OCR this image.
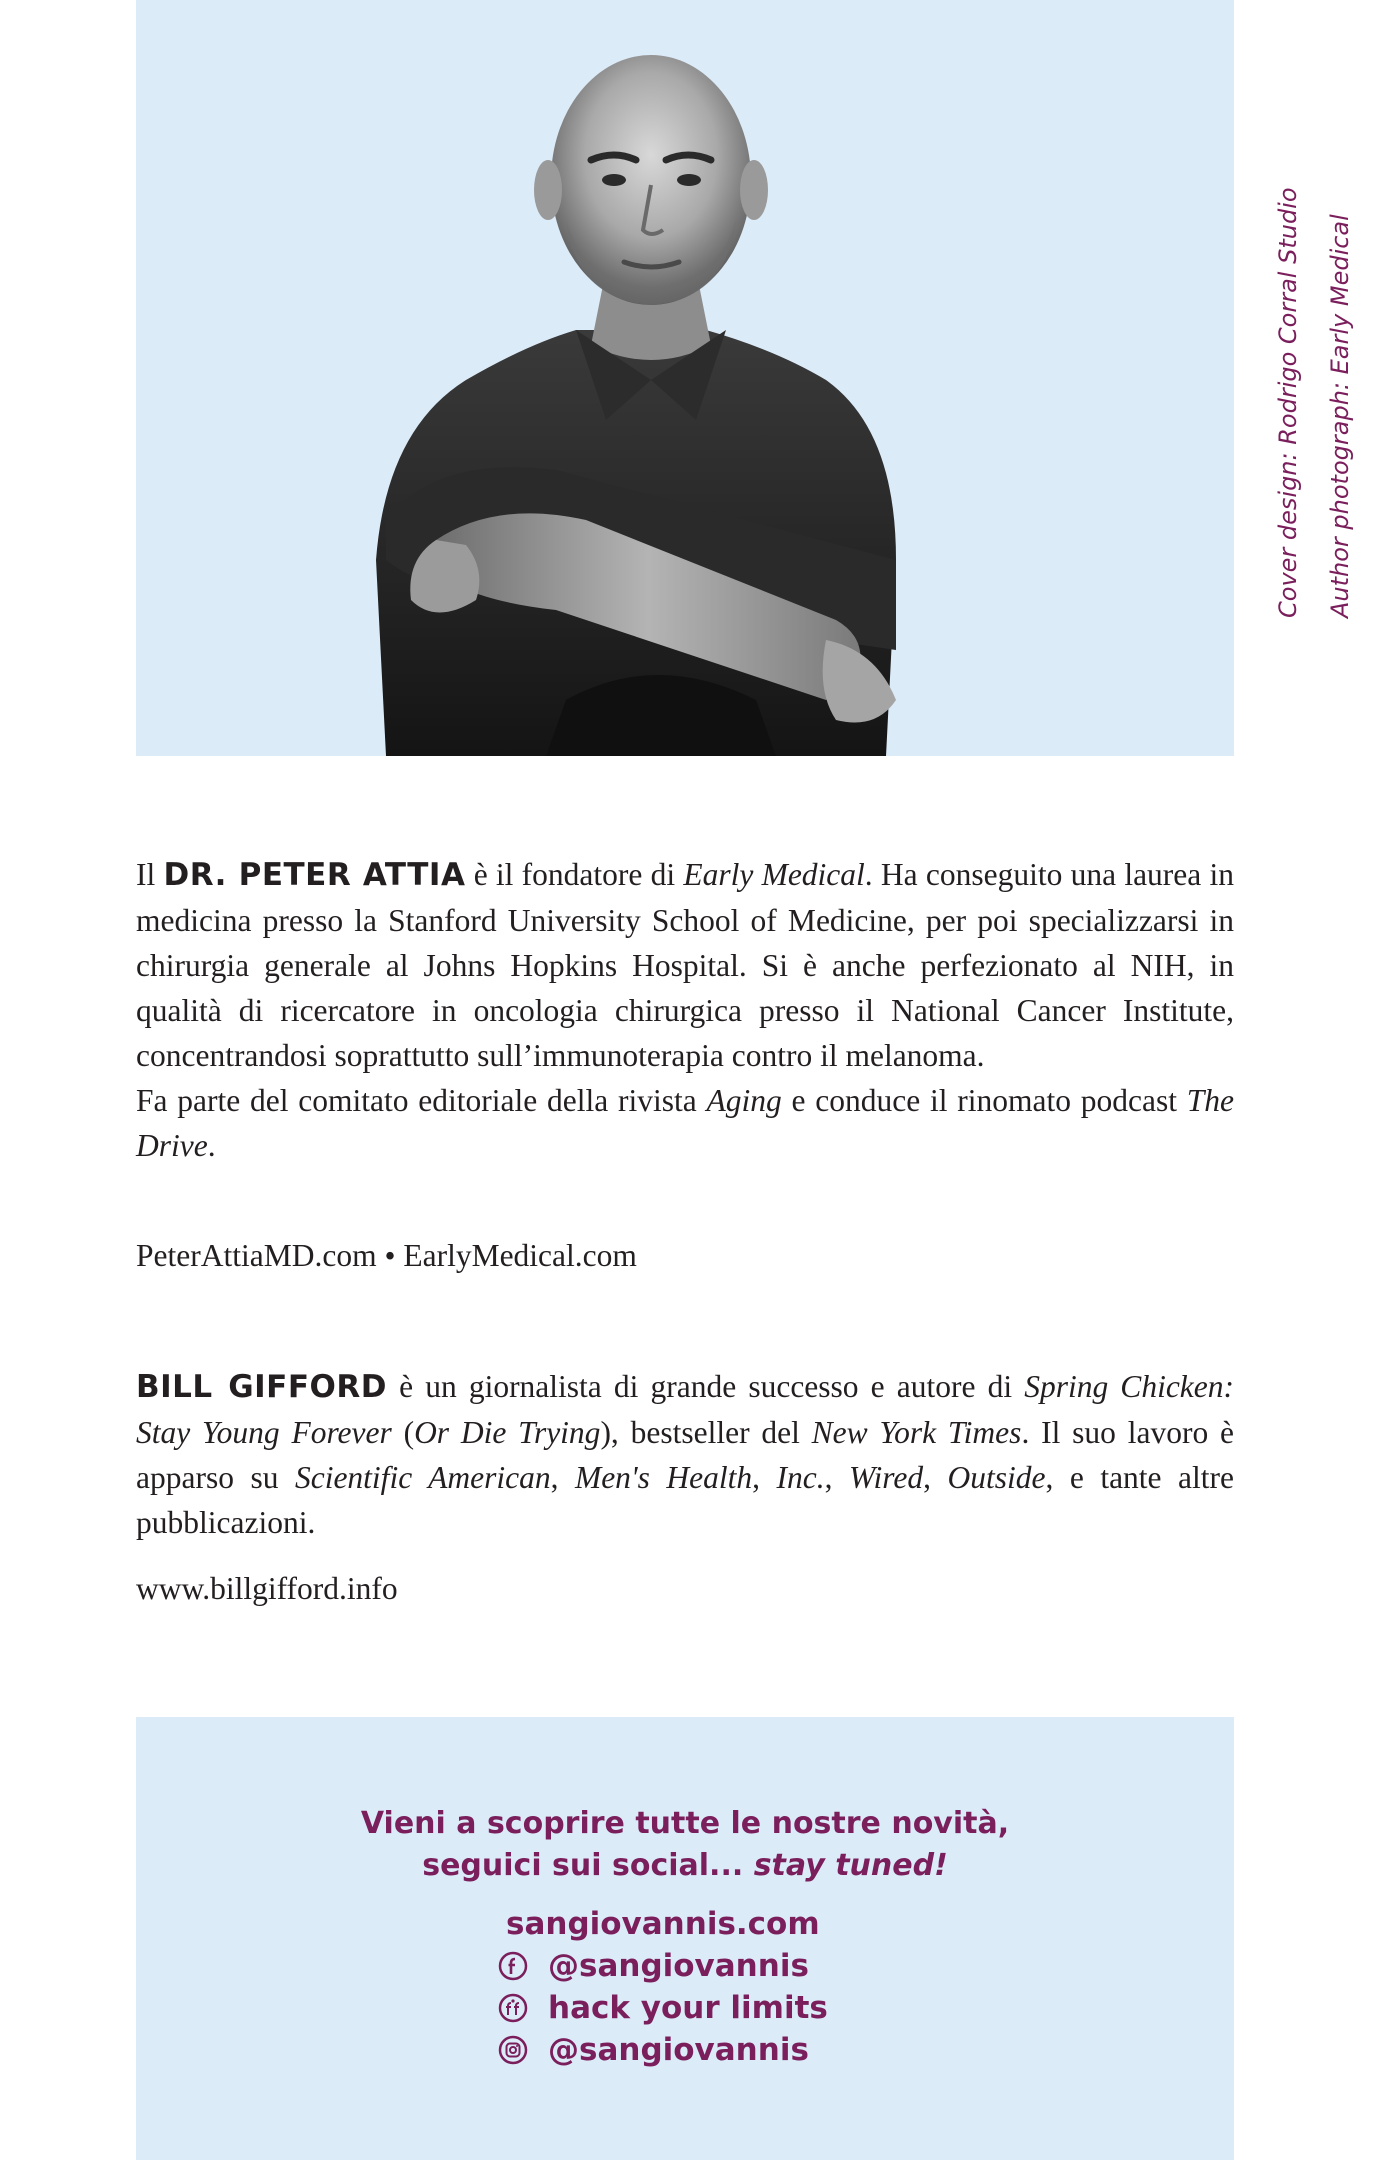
Cover design: Rodrigo Corral Studio	Author photograph: Early Medical

Il DR. PETER ATTIA è il fondatore di Early Medical. Ha conseguito una laurea in medicina presso la Stanford University School of Medicine, per poi specializzarsi in chirurgia generale al Johns Hopkins Hospital. Si è anche perfezionato al NIH, in qualità di ricercatore in oncologia chirurgica presso il National Cancer Institute, concentrandosi soprattutto sull’immunoterapia contro il melanoma.

Fa parte del comitato editoriale della rivista Aging e conduce il rinomato podcast The Drive.

PeterAttiaMD.com • EarlyMedical.com

BILL GIFFORD è un giornalista di grande successo e autore di Spring Chicken: Stay Young Forever (Or Die Trying), bestseller del New York Times. Il suo lavoro è apparso su Scientific American, Men's Health, Inc., Wired, Outside, e tante altre pubblicazioni.

www.billgifford.info

Vieni a scoprire tutte le nostre novità,
seguici sui social... stay tuned!
sangiovannis.com
@sangiovannis
hack your limits
@sangiovannis
